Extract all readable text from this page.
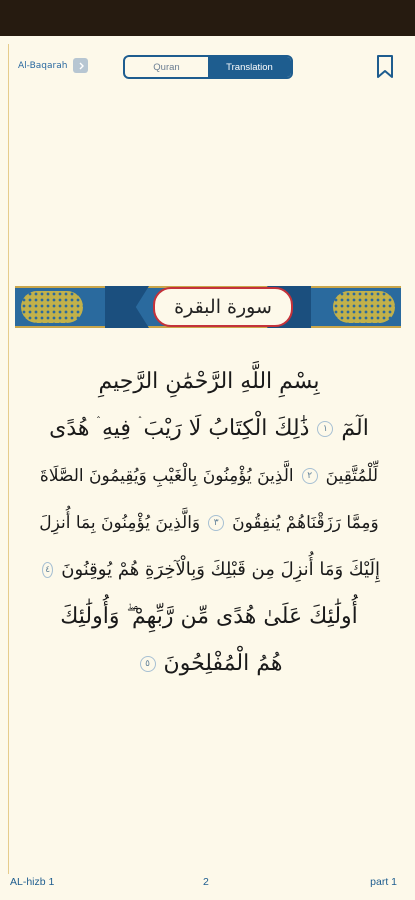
Al-Baqarah	Quran	Translation
سورة البقرة
بِسْمِ اللَّهِ الرَّحْمَٰنِ الرَّحِيمِ
الٓمٓ
١
ذَٰلِكَ الْكِتَابُ لَا رَيْبَ ۛ فِيهِ ۛ هُدًى
لِّلْمُتَّقِينَ
٢
الَّذِينَ يُؤْمِنُونَ بِالْغَيْبِ وَيُقِيمُونَ الصَّلَاةَ
وَمِمَّا رَزَقْنَاهُمْ يُنفِقُونَ
٣
وَالَّذِينَ يُؤْمِنُونَ بِمَا أُنزِلَ
إِلَيْكَ وَمَا أُنزِلَ مِن قَبْلِكَ وَبِالْآخِرَةِ هُمْ يُوقِنُونَ
٤
أُولَٰئِكَ عَلَىٰ هُدًى مِّن رَّبِّهِمْ ۖ وَأُولَٰئِكَ
هُمُ الْمُفْلِحُونَ
٥
AL-hizb 1	2	part 1
